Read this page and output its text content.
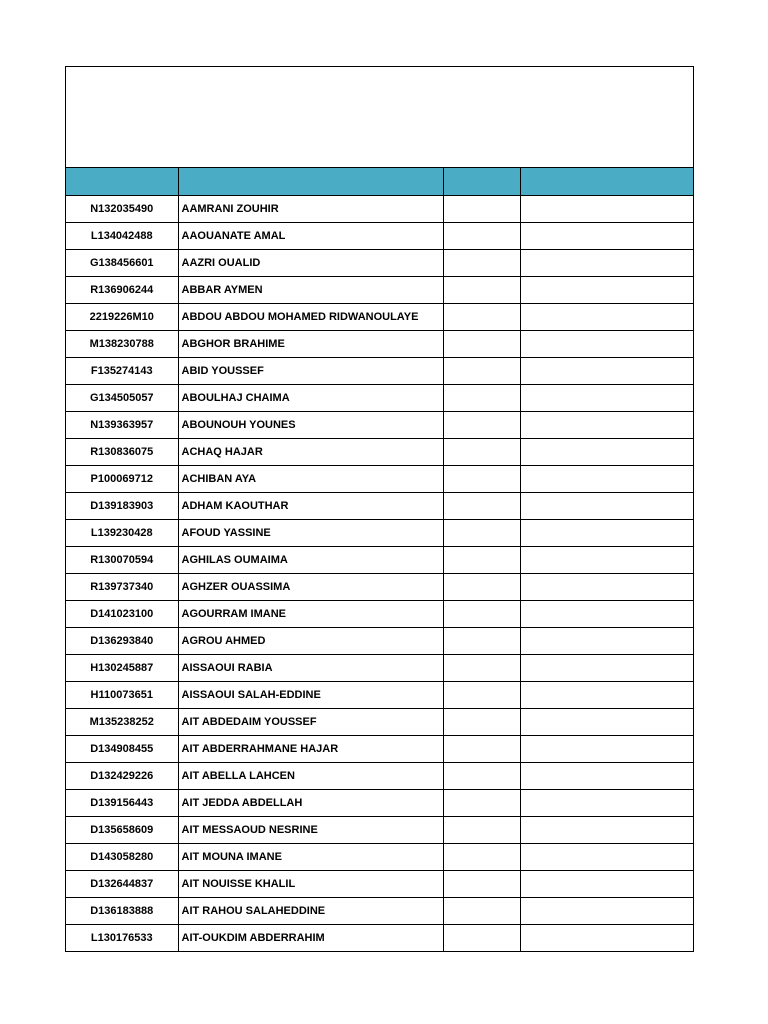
N132035490	AAMRANI ZOUHIR		
L134042488	AAOUANATE AMAL		
G138456601	AAZRI OUALID		
R136906244	ABBAR AYMEN		
2219226M10	ABDOU ABDOU MOHAMED RIDWANOULAYE		
M138230788	ABGHOR BRAHIME		
F135274143	ABID YOUSSEF		
G134505057	ABOULHAJ CHAIMA		
N139363957	ABOUNOUH YOUNES		
R130836075	ACHAQ HAJAR		
P100069712	ACHIBAN AYA		
D139183903	ADHAM KAOUTHAR		
L139230428	AFOUD YASSINE		
R130070594	AGHILAS OUMAIMA		
R139737340	AGHZER OUASSIMA		
D141023100	AGOURRAM IMANE		
D136293840	AGROU AHMED		
H130245887	AISSAOUI RABIA		
H110073651	AISSAOUI SALAH-EDDINE		
M135238252	AIT ABDEDAIM YOUSSEF		
D134908455	AIT ABDERRAHMANE HAJAR		
D132429226	AIT ABELLA LAHCEN		
D139156443	AIT JEDDA ABDELLAH		
D135658609	AIT MESSAOUD NESRINE		
D143058280	AIT MOUNA IMANE		
D132644837	AIT NOUISSE KHALIL		
D136183888	AIT RAHOU SALAHEDDINE		
L130176533	AIT-OUKDIM ABDERRAHIM		
